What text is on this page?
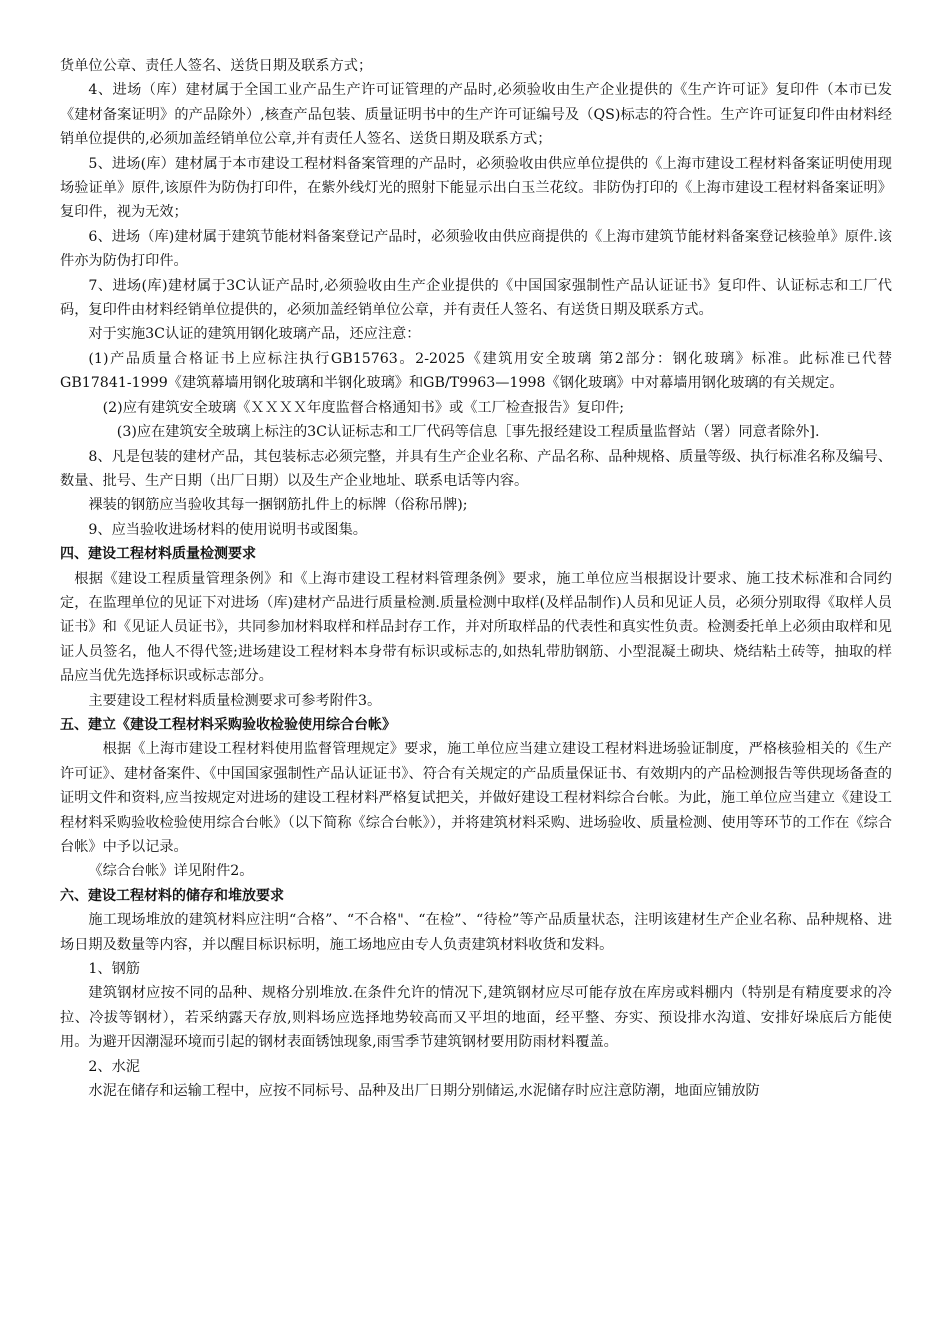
货单位公章、责任人签名、送货日期及联系方式；

4、进场（库）建材属于全国工业产品生产许可证管理的产品时,必须验收由生产企业提供的《生产许可证》复印件（本市已发《建材备案证明》的产品除外）,核查产品包装、质量证明书中的生产许可证编号及（QS)标志的符合性。生产许可证复印件由材料经销单位提供的,必须加盖经销单位公章,并有责任人签名、送货日期及联系方式；

5、进场(库）建材属于本市建设工程材料备案管理的产品时，必须验收由供应单位提供的《上海市建设工程材料备案证明使用现场验证单》原件,该原件为防伪打印件，在紫外线灯光的照射下能显示出白玉兰花纹。非防伪打印的《上海市建设工程材料备案证明》复印件，视为无效；

6、进场（库)建材属于建筑节能材料备案登记产品时，必须验收由供应商提供的《上海市建筑节能材料备案登记核验单》原件.该件亦为防伪打印件。

7、进场(库)建材属于3C认证产品时,必须验收由生产企业提供的《中国国家强制性产品认证证书》复印件、认证标志和工厂代码，复印件由材料经销单位提供的，必须加盖经销单位公章，并有责任人签名、有送货日期及联系方式。

对于实施3C认证的建筑用钢化玻璃产品，还应注意：

(1)产品质量合格证书上应标注执行GB15763。2-2025《建筑用安全玻璃 第2部分：钢化玻璃》标准。此标准已代替GB17841-1999《建筑幕墙用钢化玻璃和半钢化玻璃》和GB/T9963—1998《钢化玻璃》中对幕墙用钢化玻璃的有关规定。

(2)应有建筑安全玻璃《ＸＸＸＸ年度监督合格通知书》或《工厂检查报告》复印件;

(3)应在建筑安全玻璃上标注的3C认证标志和工厂代码等信息［事先报经建设工程质量监督站（署）同意者除外].

8、凡是包装的建材产品，其包装标志必须完整，并具有生产企业名称、产品名称、品种规格、质量等级、执行标准名称及编号、数量、批号、生产日期（出厂日期）以及生产企业地址、联系电话等内容。

裸装的钢筋应当验收其每一捆钢筋扎件上的标牌（俗称吊牌);

9、应当验收进场材料的使用说明书或图集。

四、建设工程材料质量检测要求

根据《建设工程质量管理条例》和《上海市建设工程材料管理条例》要求，施工单位应当根据设计要求、施工技术标准和合同约定，在监理单位的见证下对进场（库)建材产品进行质量检测.质量检测中取样(及样品制作)人员和见证人员，必须分别取得《取样人员证书》和《见证人员证书》，共同参加材料取样和样品封存工作，并对所取样品的代表性和真实性负责。检测委托单上必须由取样和见证人员签名，他人不得代签;进场建设工程材料本身带有标识或标志的,如热轧带肋钢筋、小型混凝土砌块、烧结粘土砖等，抽取的样品应当优先选择标识或标志部分。

主要建设工程材料质量检测要求可参考附件3。

五、建立《建设工程材料采购验收检验使用综合台帐》

根据《上海市建设工程材料使用监督管理规定》要求，施工单位应当建立建设工程材料进场验证制度，严格核验相关的《生产许可证》、建材备案件、《中国国家强制性产品认证证书》、符合有关规定的产品质量保证书、有效期内的产品检测报告等供现场备查的证明文件和资料,应当按规定对进场的建设工程材料严格复试把关，并做好建设工程材料综合台帐。为此，施工单位应当建立《建设工程材料采购验收检验使用综合台帐》（以下简称《综合台帐》），并将建筑材料采购、进场验收、质量检测、使用等环节的工作在《综合台帐》中予以记录。

《综合台帐》详见附件2。

六、建设工程材料的储存和堆放要求

施工现场堆放的建筑材料应注明“合格”、“不合格"、“在检”、“待检”等产品质量状态，注明该建材生产企业名称、品种规格、进场日期及数量等内容，并以醒目标识标明，施工场地应由专人负责建筑材料收货和发料。

1、钢筋

建筑钢材应按不同的品种、规格分别堆放.在条件允许的情况下,建筑钢材应尽可能存放在库房或料棚内（特别是有精度要求的冷拉、冷拔等钢材），若采纳露天存放,则料场应选择地势较高而又平坦的地面，经平整、夯实、预设排水沟道、安排好垛底后方能使用。为避开因潮湿环境而引起的钢材表面锈蚀现象,雨雪季节建筑钢材要用防雨材料覆盖。

2、水泥

水泥在储存和运输工程中，应按不同标号、品种及出厂日期分别储运,水泥储存时应注意防潮，地面应铺放防
